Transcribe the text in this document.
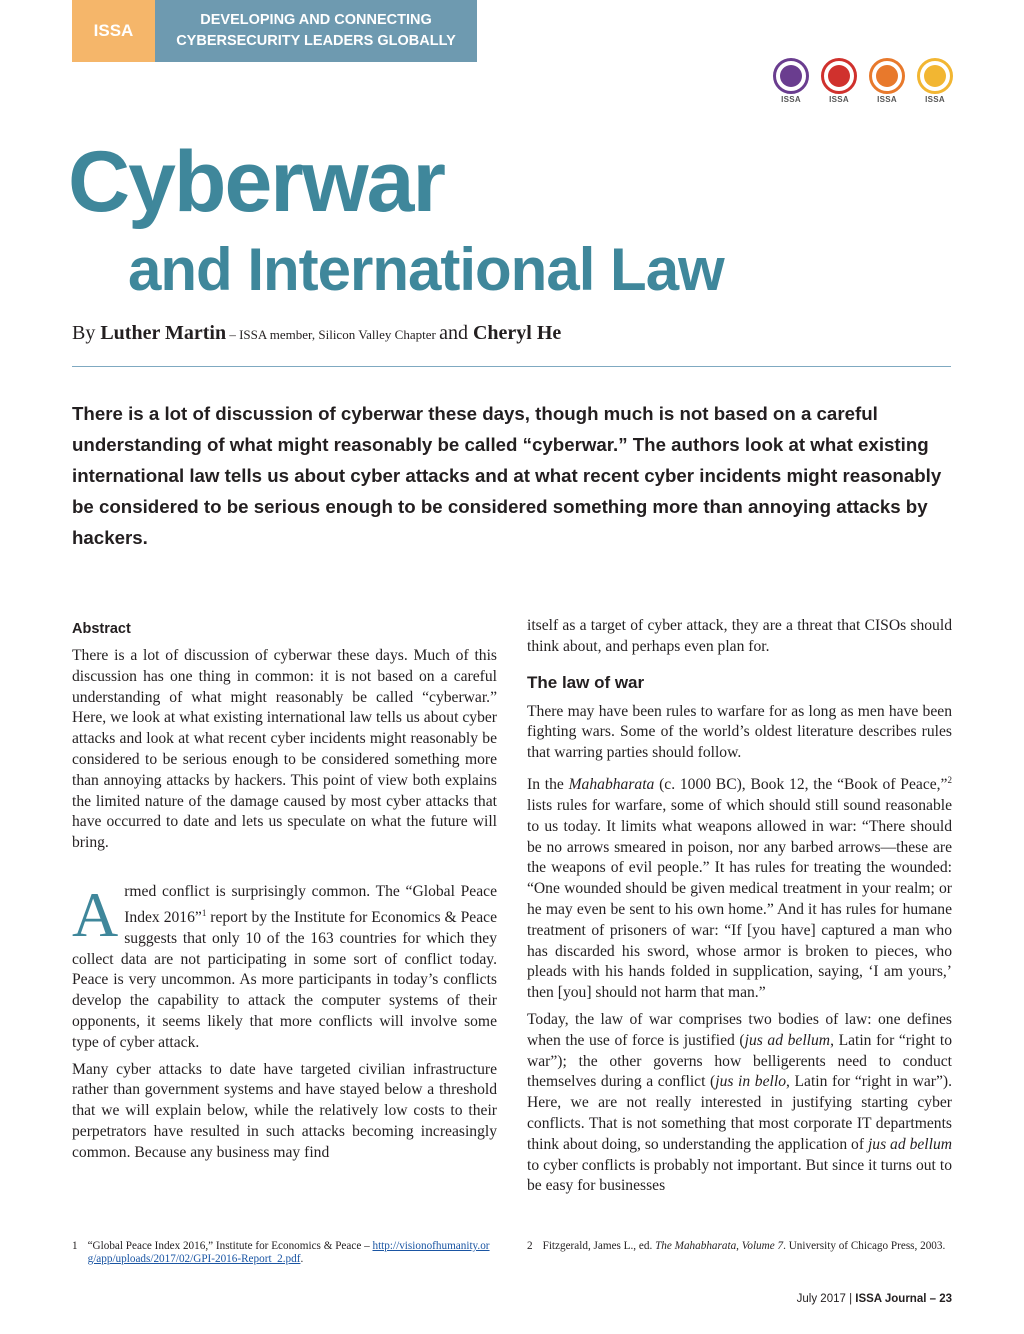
ISSA
DEVELOPING AND CONNECTING
CYBERSECURITY LEADERS GLOBALLY
ISSA	ISSA	ISSA	ISSA
Cyberwar
and International Law
By Luther Martin – ISSA member, Silicon Valley Chapter and Cheryl He

There is a lot of discussion of cyberwar these days, though much is not based on a careful understanding of what might reasonably be called “cyberwar.” The authors look at what existing international law tells us about cyber attacks and at what recent cyber incidents might reasonably be considered to be serious enough to be considered something more than annoying attacks by hackers.

Abstract

There is a lot of discussion of cyberwar these days. Much of this discussion has one thing in common: it is not based on a careful understanding of what might reasonably be called “cyberwar.” Here, we look at what existing international law tells us about cyber attacks and look at what recent cyber incidents might reasonably be considered to be serious enough to be considered something more than annoying attacks by hackers. This point of view both explains the limited nature of the damage caused by most cyber attacks that have occurred to date and lets us speculate on what the future will bring.

Armed conflict is surprisingly common. The “Global Peace Index 2016”$^1$ report by the Institute for Economics & Peace suggests that only 10 of the 163 countries for which they collect data are not participating in some sort of conflict today. Peace is very uncommon. As more participants in today’s conflicts develop the capability to attack the computer systems of their opponents, it seems likely that more conflicts will involve some type of cyber attack.

Many cyber attacks to date have targeted civilian infrastructure rather than government systems and have stayed below a threshold that we will explain below, while the relatively low costs to their perpetrators have resulted in such attacks becoming increasingly common. Because any business may find

itself as a target of cyber attack, they are a threat that CISOs should think about, and perhaps even plan for.

The law of war

There may have been rules to warfare for as long as men have been fighting wars. Some of the world’s oldest literature describes rules that warring parties should follow.

In the Mahabharata (c. 1000 BC), Book 12, the “Book of Peace,”$^2$ lists rules for warfare, some of which should still sound reasonable to us today. It limits what weapons allowed in war: “There should be no arrows smeared in poison, nor any barbed arrows—these are the weapons of evil people.” It has rules for treating the wounded: “One wounded should be given medical treatment in your realm; or he may even be sent to his own home.” And it has rules for humane treatment of prisoners of war: “If [you have] captured a man who has discarded his sword, whose armor is broken to pieces, who pleads with his hands folded in supplication, saying, ‘I am yours,’ then [you] should not harm that man.”

Today, the law of war comprises two bodies of law: one defines when the use of force is justified (jus ad bellum, Latin for “right to war”); the other governs how belligerents need to conduct themselves during a conflict (jus in bello, Latin for “right in war”). Here, we are not really interested in justifying starting cyber conflicts. That is not something that most corporate IT departments think about doing, so understanding the application of jus ad bellum to cyber conflicts is probably not important. But since it turns out to be easy for businesses

1 “Global Peace Index 2016,” Institute for Economics & Peace – http://visionofhumanity.org/app/uploads/2017/02/GPI-2016-Report_2.pdf.
2 Fitzgerald, James L., ed. The Mahabharata, Volume 7. University of Chicago Press, 2003.
July 2017 | ISSA Journal – 23
